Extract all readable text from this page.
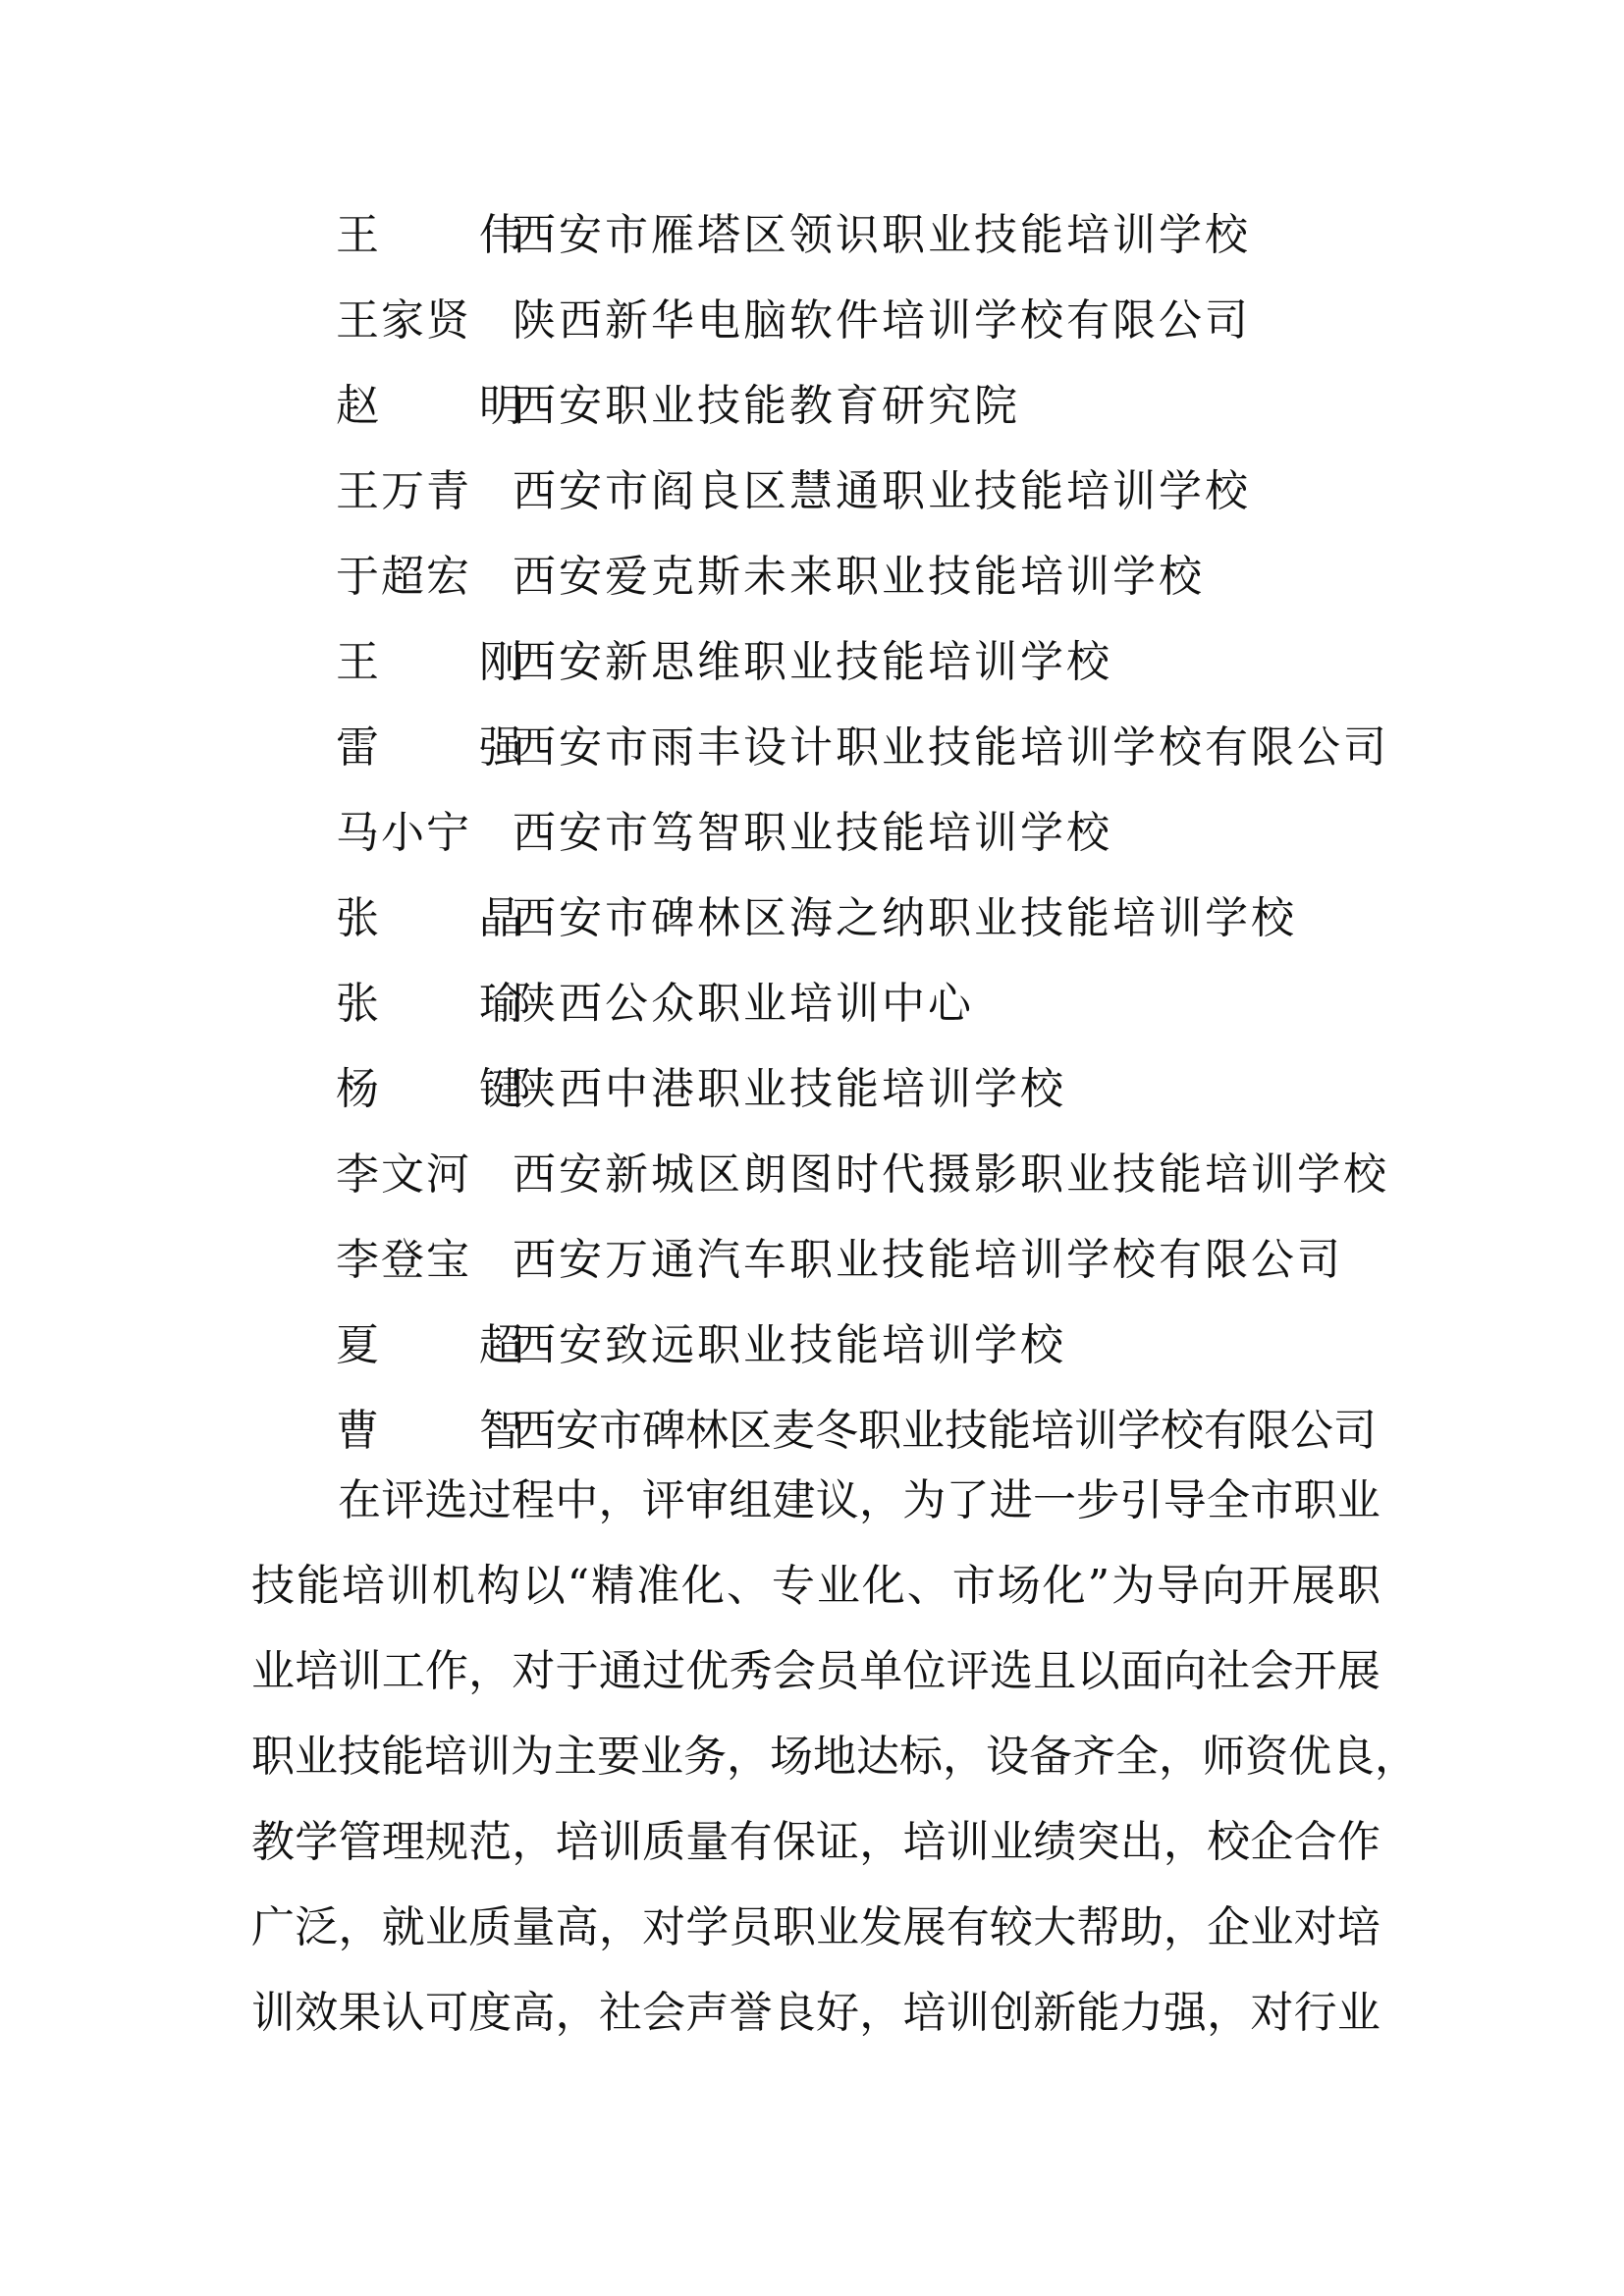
王 伟
西安市雁塔区领识职业技能培训学校
王家贤 陕西新华电脑软件培训学校有限公司
赵 明
西安职业技能教育研究院
王万青 西安市阎良区慧通职业技能培训学校
于超宏 西安爱克斯未来职业技能培训学校
王 刚
西安新思维职业技能培训学校
雷 强
西安市雨丰设计职业技能培训学校有限公司
马小宁 西安市笃智职业技能培训学校
张 晶
西安市碑林区海之纳职业技能培训学校
张 瑜
陕西公众职业培训中心
杨 键
陕西中港职业技能培训学校
李文河 西安新城区朗图时代摄影职业技能培训学校
李登宝 西安万通汽车职业技能培训学校有限公司
夏 超
西安致远职业技能培训学校
曹 智
西安市碑林区麦冬职业技能培训学校有限公司
在 评 选 过 程 中 ， 评 审 组 建 议 ， 为 了 进 一 步 引 导 全 市 职 业
技 能 培 训 机 构 以 “ 精 准 化 、 专 业 化 、 市 场 化 ” 为 导 向 开 展 职
业 培 训 工 作 ， 对 于 通 过 优 秀 会 员 单 位 评 选 且 以 面 向 社 会 开 展
职 业 技 能 培 训 为 主 要 业 务 ， 场 地 达 标 ， 设 备 齐 全 ， 师 资 优 良 ，
教 学 管 理 规 范 ， 培 训 质 量 有 保 证 ， 培 训 业 绩 突 出 ， 校 企 合 作
广 泛 ， 就 业 质 量 高 ， 对 学 员 职 业 发 展 有 较 大 帮 助 ， 企 业 对 培
训 效 果 认 可 度 高 ， 社 会 声 誉 良 好 ， 培 训 创 新 能 力 强 ， 对 行 业
